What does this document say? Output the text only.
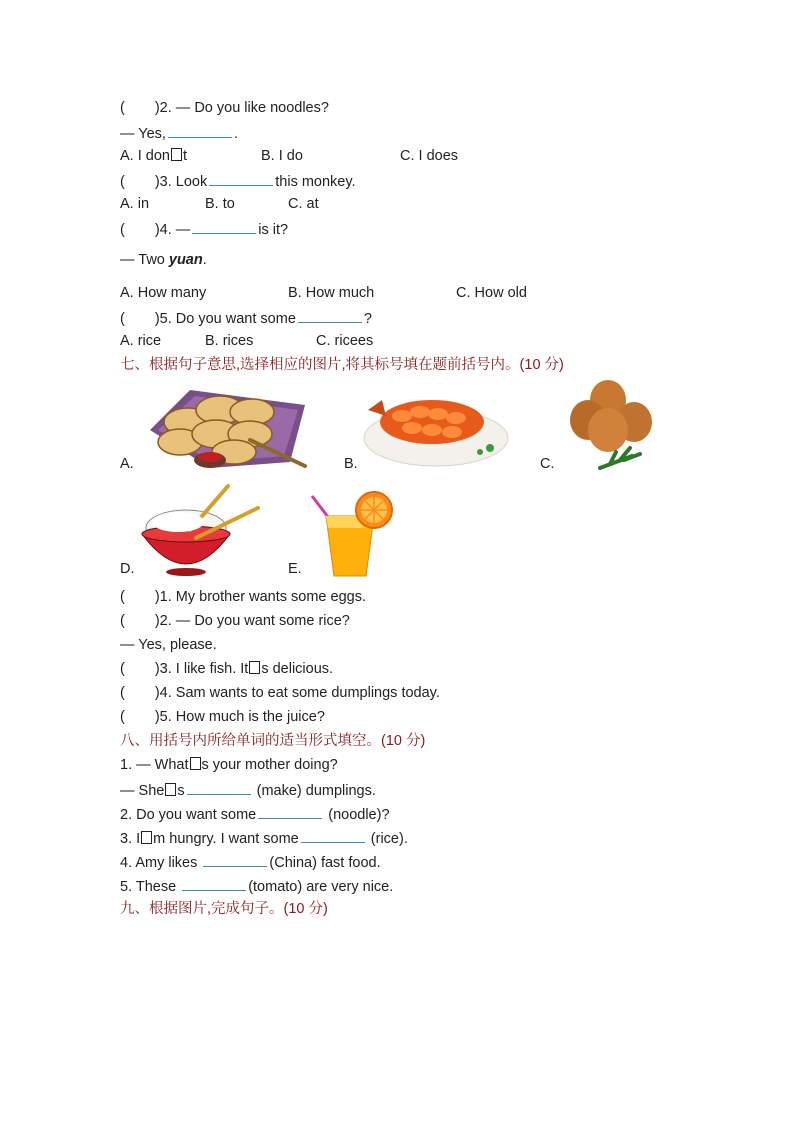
( )2. — Do you like noodles?
— Yes,	.
A. I don t	B. I do	C. I does
( )3. Look	this monkey.
A. in	B. to	C. at
( )4. —	is it?
— Two yuan.
A. How many	B. How much	C. How old
( )5. Do you want some	?
A. rice	B. rices	C. ricees
七、根据句子意思,选择相应的图片,将其标号填在题前括号内。(10 分)
A.	B.	C.
D.	E.
( )1. My brother wants some eggs.
( )2. — Do you want some rice?
— Yes, please.
( )3. I like fish. It s delicious.
( )4. Sam wants to eat some dumplings today.
( )5. How much is the juice?
八、用括号内所给单词的适当形式填空。(10 分)
1. — What s your mother doing?
— She s	(make) dumplings.
2. Do you want some	(noodle)?
3. I m hungry. I want some	(rice).
4. Amy likes	(China) fast food.
5. These	(tomato) are very nice.
九、根据图片,完成句子。(10 分)
